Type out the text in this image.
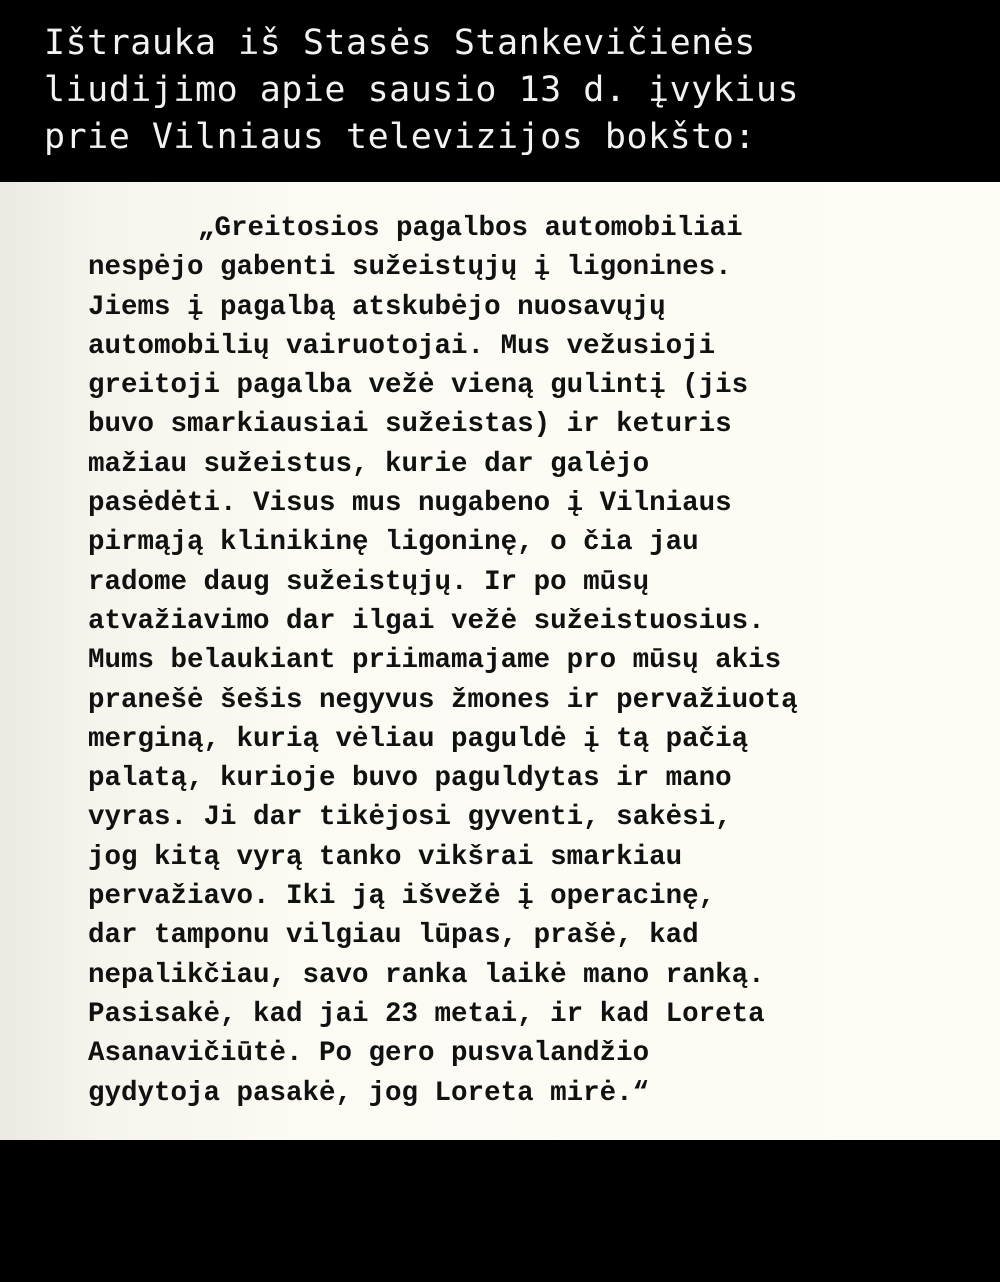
Ištrauka iš Stasės Stankevičienės
liudijimo apie sausio 13 d. įvykius
prie Vilniaus televizijos bokšto:

„Greitosios pagalbos automobiliai
nespėjo gabenti sužeistųjų į ligonines.
Jiems į pagalbą atskubėjo nuosavųjų
automobilių vairuotojai. Mus vežusioji
greitoji pagalba vežė vieną gulintį (jis
buvo smarkiausiai sužeistas) ir keturis
mažiau sužeistus, kurie dar galėjo
pasėdėti. Visus mus nugabeno į Vilniaus
pirmąją klinikinę ligoninę, o čia jau
radome daug sužeistųjų. Ir po mūsų
atvažiavimo dar ilgai vežė sužeistuosius.
Mums belaukiant priimamajame pro mūsų akis
pranešė šešis negyvus žmones ir pervažiuotą
merginą, kurią vėliau paguldė į tą pačią
palatą, kurioje buvo paguldytas ir mano
vyras. Ji dar tikėjosi gyventi, sakėsi,
jog kitą vyrą tanko vikšrai smarkiau
pervažiavo. Iki ją išvežė į operacinę,
dar tamponu vilgiau lūpas, prašė, kad
nepalikčiau, savo ranka laikė mano ranką.
Pasisakė, kad jai 23 metai, ir kad Loreta
Asanavičiūtė. Po gero pusvalandžio
gydytoja pasakė, jog Loreta mirė.“
